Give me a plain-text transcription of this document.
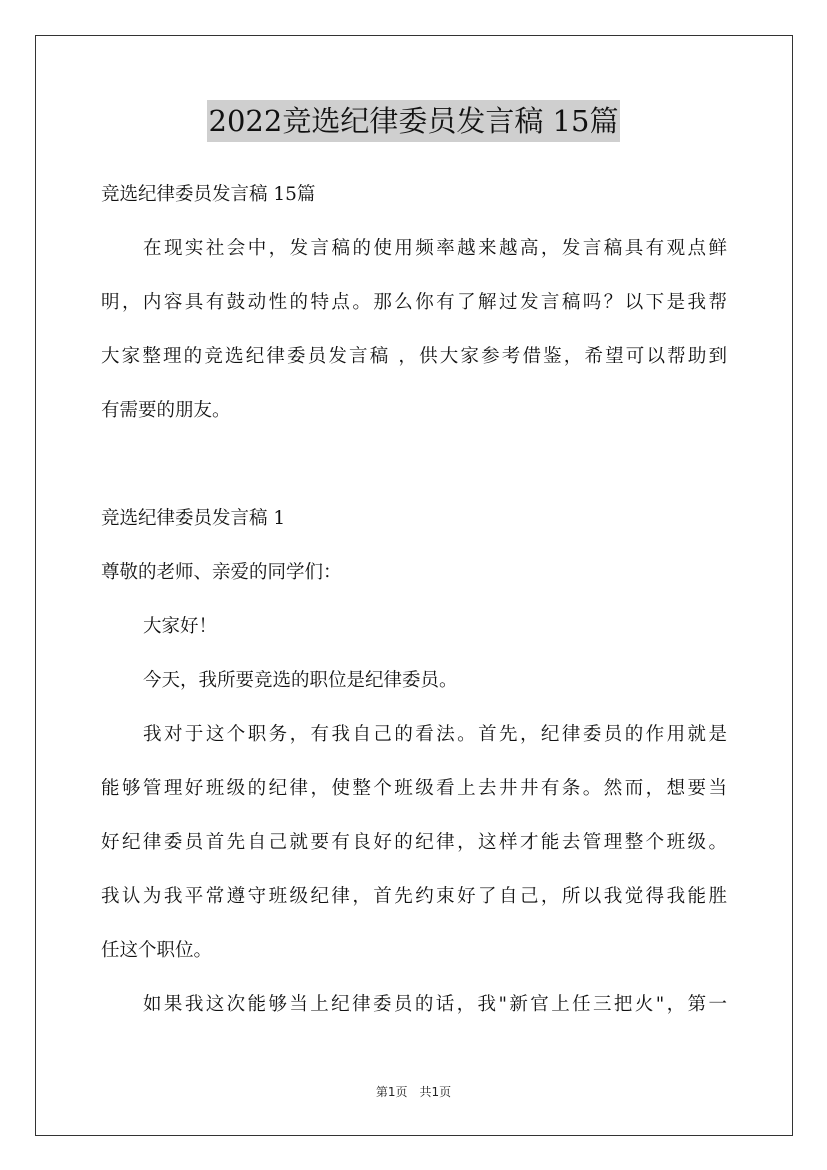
2022竞选纪律委员发言稿 15篇
竞选纪律委员发言稿 15篇
在现实社会中，发言稿的使用频率越来越高，发言稿具有观点鲜
明，内容具有鼓动性的特点。那么你有了解过发言稿吗？以下是我帮
大家整理的竞选纪律委员发言稿 ，供大家参考借鉴，希望可以帮助到
有需要的朋友。
竞选纪律委员发言稿 1
尊敬的老师、亲爱的同学们：
大家好！
今天，我所要竞选的职位是纪律委员。
我对于这个职务，有我自己的看法。首先，纪律委员的作用就是
能够管理好班级的纪律，使整个班级看上去井井有条。然而，想要当
好纪律委员首先自己就要有良好的纪律，这样才能去管理整个班级。
我认为我平常遵守班级纪律，首先约束好了自己，所以我觉得我能胜
任这个职位。
如果我这次能够当上纪律委员的话，我"新官上任三把火"，第一
第1页　共1页
